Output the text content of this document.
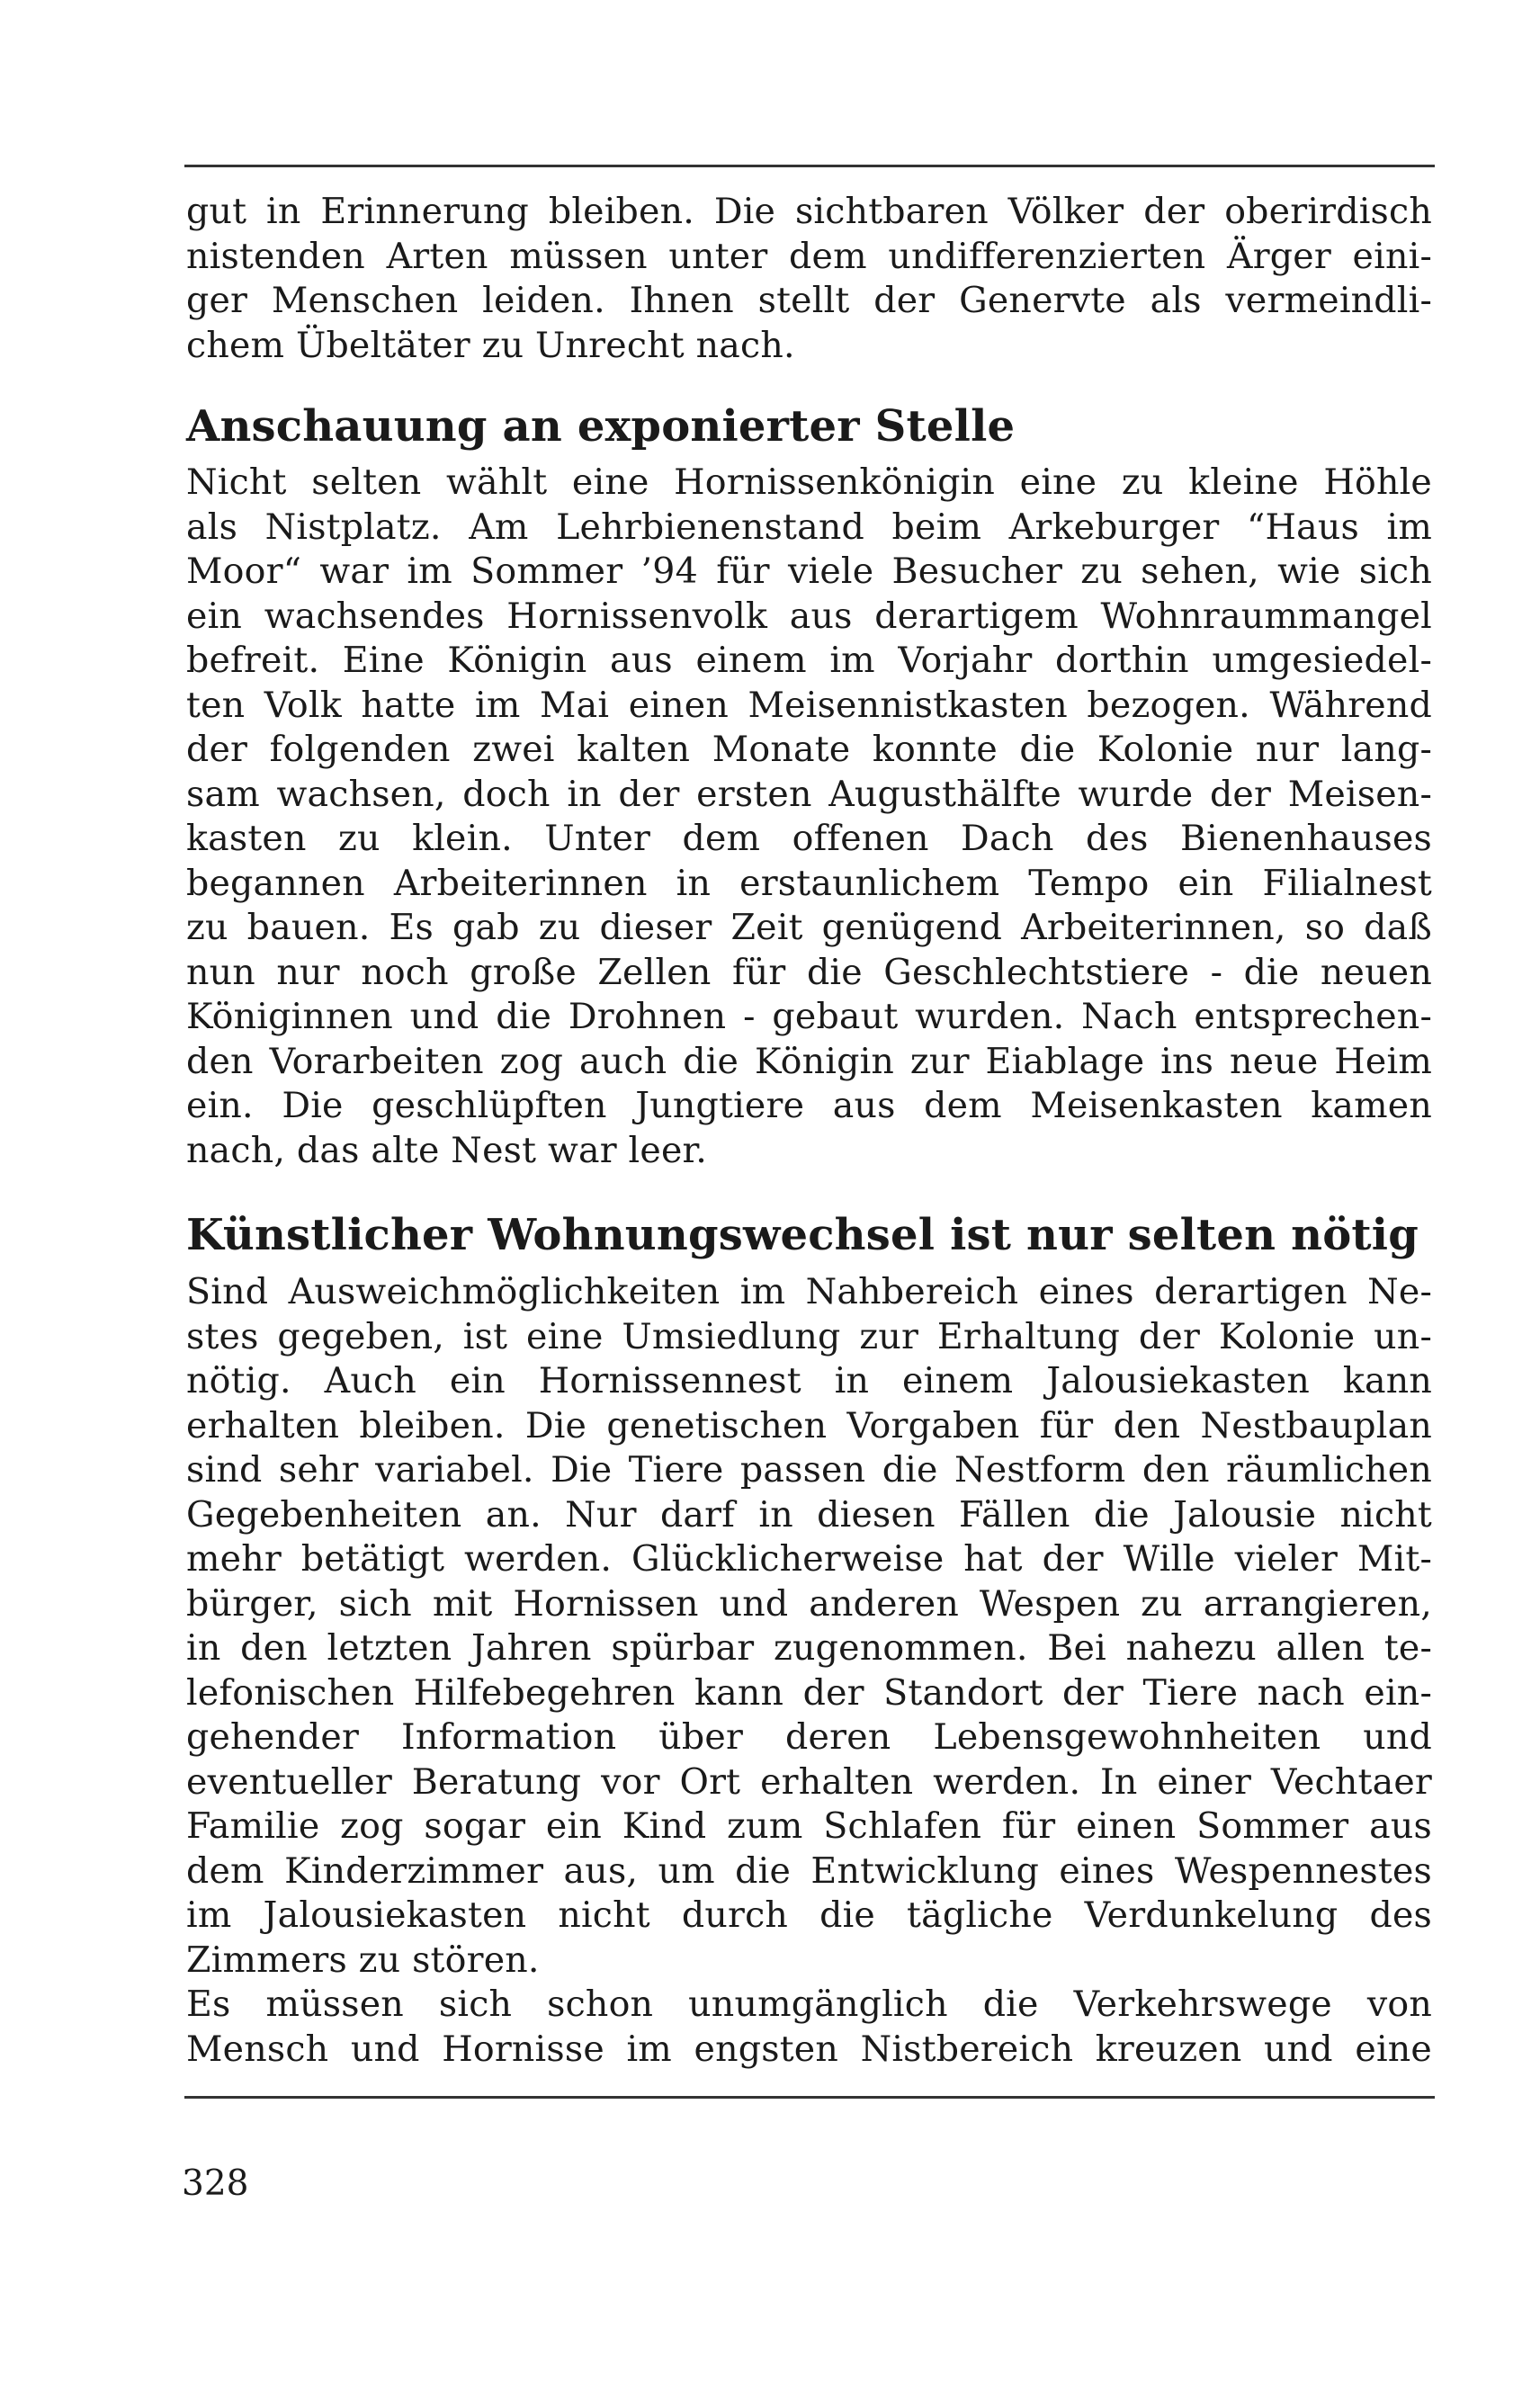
gut in Erinnerung bleiben. Die sichtbaren Völker der oberirdisch

nistenden Arten müssen unter dem undifferenzierten Ärger eini-

ger Menschen leiden. Ihnen stellt der Genervte als vermeindli-

chem Übeltäter zu Unrecht nach.

Anschauung an exponierter Stelle

Nicht selten wählt eine Hornissenkönigin eine zu kleine Höhle

als Nistplatz. Am Lehrbienenstand beim Arkeburger “Haus im

Moor“ war im Sommer ’94 für viele Besucher zu sehen, wie sich

ein wachsendes Hornissenvolk aus derartigem Wohnraummangel

befreit. Eine Königin aus einem im Vorjahr dorthin umgesiedel-

ten Volk hatte im Mai einen Meisennistkasten bezogen. Während

der folgenden zwei kalten Monate konnte die Kolonie nur lang-

sam wachsen, doch in der ersten Augusthälfte wurde der Meisen-

kasten zu klein. Unter dem offenen Dach des Bienenhauses

begannen Arbeiterinnen in erstaunlichem Tempo ein Filialnest

zu bauen. Es gab zu dieser Zeit genügend Arbeiterinnen, so daß

nun nur noch große Zellen für die Geschlechtstiere - die neuen

Königinnen und die Drohnen - gebaut wurden. Nach entsprechen-

den Vorarbeiten zog auch die Königin zur Eiablage ins neue Heim

ein. Die geschlüpften Jungtiere aus dem Meisenkasten kamen

nach, das alte Nest war leer.

Künstlicher Wohnungswechsel ist nur selten nötig

Sind Ausweichmöglichkeiten im Nahbereich eines derartigen Ne-

stes gegeben, ist eine Umsiedlung zur Erhaltung der Kolonie un-

nötig. Auch ein Hornissennest in einem Jalousiekasten kann

erhalten bleiben. Die genetischen Vorgaben für den Nestbauplan

sind sehr variabel. Die Tiere passen die Nestform den räumlichen

Gegebenheiten an. Nur darf in diesen Fällen die Jalousie nicht

mehr betätigt werden. Glücklicherweise hat der Wille vieler Mit-

bürger, sich mit Hornissen und anderen Wespen zu arrangieren,

in den letzten Jahren spürbar zugenommen. Bei nahezu allen te-

lefonischen Hilfebegehren kann der Standort der Tiere nach ein-

gehender Information über deren Lebensgewohnheiten und

eventueller Beratung vor Ort erhalten werden. In einer Vechtaer

Familie zog sogar ein Kind zum Schlafen für einen Sommer aus

dem Kinderzimmer aus, um die Entwicklung eines Wespennestes

im Jalousiekasten nicht durch die tägliche Verdunkelung des

Zimmers zu stören.

Es müssen sich schon unumgänglich die Verkehrswege von

Mensch und Hornisse im engsten Nistbereich kreuzen und eine

328
